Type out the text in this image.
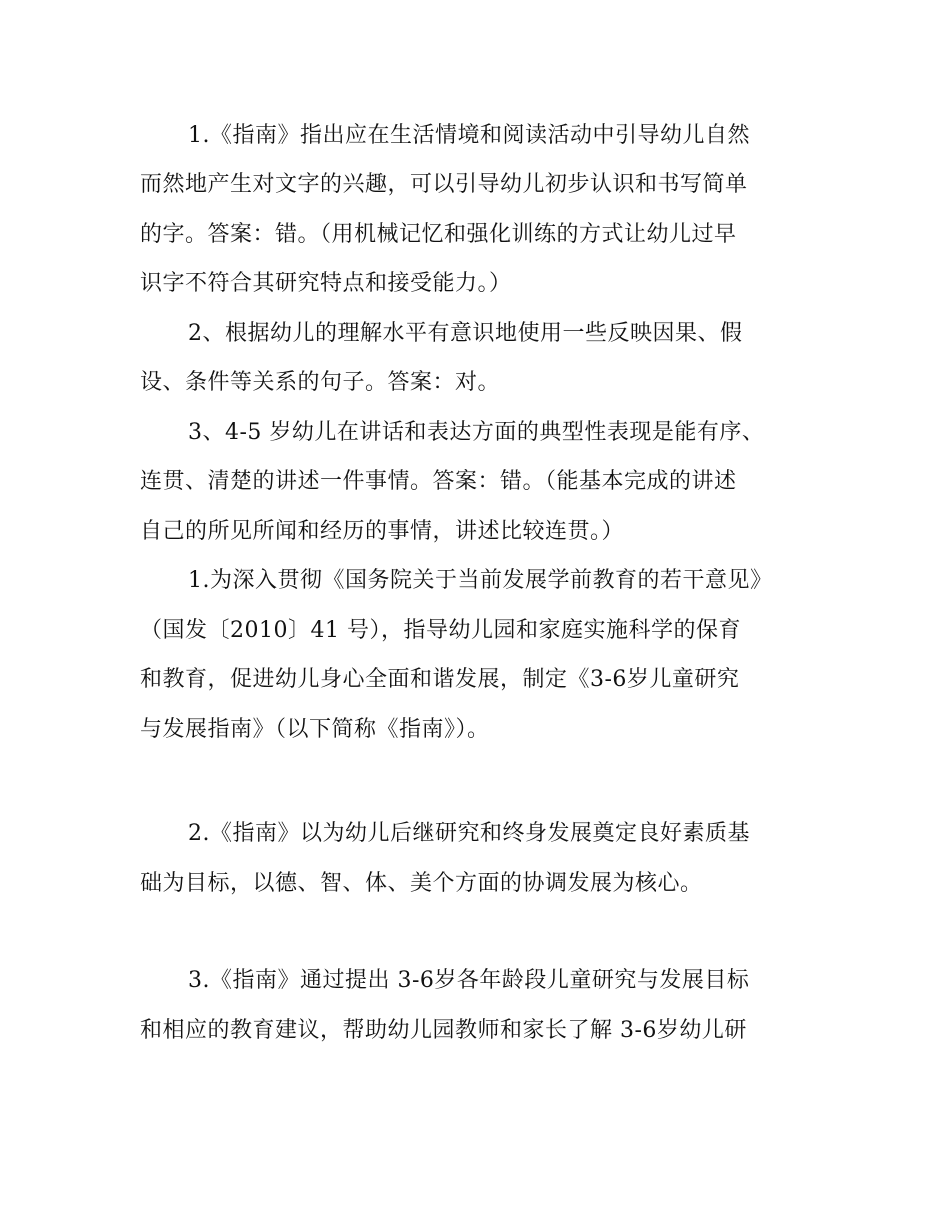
1.《指南》指出应在生活情境和阅读活动中引导幼儿自然
而然地产生对文字的兴趣，可以引导幼儿初步认识和书写简单
的字。答案：错。（用机械记忆和强化训练的方式让幼儿过早
识字不符合其研究特点和接受能力。）
2、根据幼儿的理解水平有意识地使用一些反映因果、假
设、条件等关系的句子。答案：对。
3、4-5 岁幼儿在讲话和表达方面的典型性表现是能有序、
连贯、清楚的讲述一件事情。答案：错。（能基本完成的讲述
自己的所见所闻和经历的事情，讲述比较连贯。）
1.为深入贯彻《国务院关于当前发展学前教育的若干意见》
（国发〔2010〕41 号），指导幼儿园和家庭实施科学的保育
和教育，促进幼儿身心全面和谐发展，制定《3-6岁儿童研究
与发展指南》（以下简称《指南》）。
2.《指南》以为幼儿后继研究和终身发展奠定良好素质基
础为目标，以德、智、体、美个方面的协调发展为核心。
3.《指南》通过提出 3-6岁各年龄段儿童研究与发展目标
和相应的教育建议，帮助幼儿园教师和家长了解 3-6岁幼儿研
